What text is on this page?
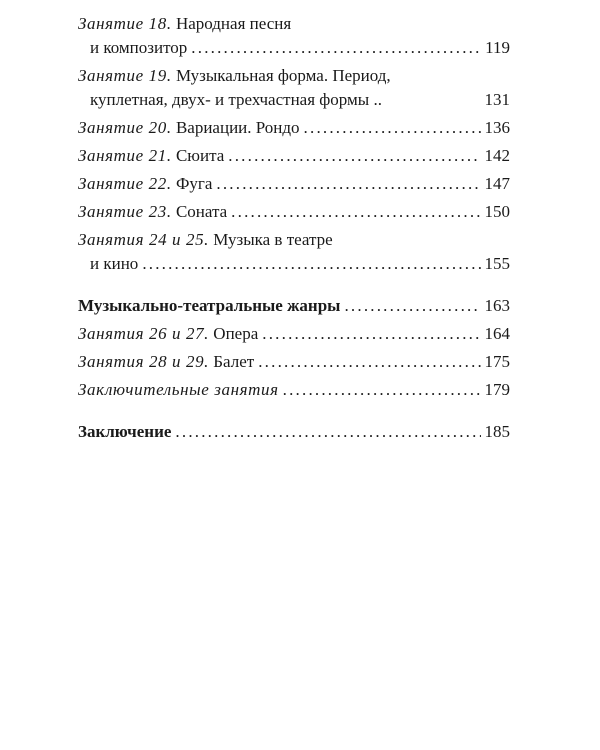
Занятие 18. Народная песня
и композитор .....	119
Занятие 19. Музыкальная форма. Период,
куплетная, двух- и трехчастная формы ..	131
Занятие 20. Вариации. Рондо .....	136
Занятие 21. Сюита .....	142
Занятие 22. Фуга .....	147
Занятие 23. Соната .....	150
Занятия 24 и 25. Музыка в театре
и кино .....	155
Музыкально-театральные жанры .....	163
Занятия 26 и 27. Опера .....	164
Занятия 28 и 29. Балет .....	175
Заключительные занятия .....	179
Заключение .....	185
